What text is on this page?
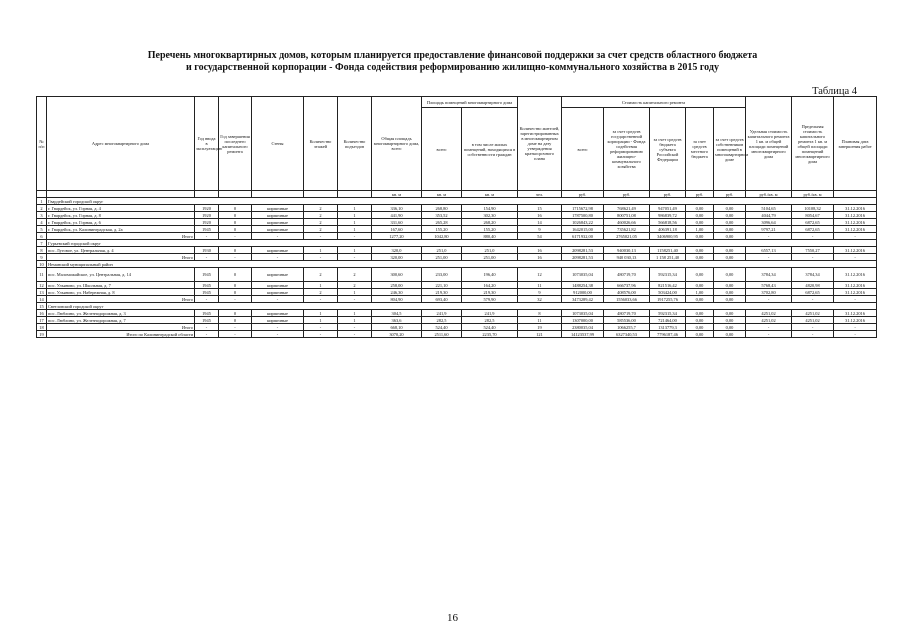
Перечень многоквартирных домов, которым планируется предоставление финансовой поддержки за счет средств областного бюджета
и государственной корпорации - Фонда содействия реформированию жилищно-коммунального хозяйства в 2015 году
Таблица 4
№ п/п	Адрес многоквартирного дома	Год ввода в эксплуатацию	Год завершения последнего капитального ремонта	Стены	Количество этажей	Количество подъездов	Общая площадь многоквартирного дома, всего	Площадь помещений многоквартирного дома		Количество жителей, зарегистрированных в многоквартирном доме на дату утверждения краткосрочного плана	Стоимость капитального ремонта					Удельная стоимость капитального ремонта 1 кв. м общей площади помещений многоквартирного дома	Предельная стоимость капитального ремонта 1 кв. м общей площади помещений многоквартирного дома	Плановая дата завершения работ
								всего	в том числе жилых помещений, находящихся в собственности граждан		всего	за счет средств государственной корпорации - Фонда содействия реформированию жилищно-коммунального хозяйства	за счет средств бюджета субъекта Российской Федерации	за счет средств местного бюджета	за счет средств собственников помещений в многоквартирном доме			
							кв. м	кв. м	кв. м	чел.	руб.	руб.	руб.	руб.	руб.	руб./кв. м	руб./кв. м	
1	Гвардейский городской округ																	
2	г. Гвардейск, ул. Горная, д. 4	1920	0	кирпичные	2	1	336,10	268,80	154,90	15	1715672,98	768621,49	947051,49	0,00	0,00	5104,65	10108,32	31.12.2016
3	г. Гвардейск, ул. Горная, д. 8	1920	0	кирпичные	2	1	441,90	353,52	302,30	16	1787500,80	800751,08	986839,72	0,00	0,00	4044,79	8054,67	31.12.2016
4	г. Гвардейск, ул. Горная, д. 6	1920	0	кирпичные	2	1	331,60	265,28	268,20	14	1026843,22	460026,66	566818,56	0,00	0,00	3096,64	6872,65	31.12.2016
5	г. Гвардейск, ул. Калининградская, д. 2а	1945	0	кирпичные	2	1	167,60	155,20	155,20	9	1642015,00	735621,82	406391,18	1,00	0,00	9797,21	6872,65	31.12.2016
6	Итого	-	-	-	-	-	1277,20	1042,80	880,40	54	6171932,00	2765021,05	3406900,95	0,00	0,00	-	-	-
7	Гурьевский городской округ																	
8	пос. Луговое, ул. Центральная, д. 4	1930	0	кирпичные	1	1	320,0	251,0	251,0	16	2098281,53	940030,13	1158251,40	0,00	0,00	6557,13	7550,27	31.12.2016
9	Итого	-	-	-	-	-	320,00	251,00	251,00	16	2098281,53	940 030,13	1 158 251,40	0,00	0,00	-	-	-
10	Неманский муниципальный район																	
11	пос. Маломожайское, ул. Центральная, д. 14	1945	0	кирпичные	2	2	300,60	233,00	196,40	12	1073035,04	480719,70	592315,34	0,00	0,00	3784,34	3784,34	31.12.2016
12	пос. Ульяново, ул. Школьная, д. 7	1945	0	кирпичные	1	2	258,00	221,10	164,20	11	1488254,38	666737,96	821516,42	0,00	0,00	5768,43	4820,98	31.12.2016
13	пос. Ульяново, ул. Набережная, д. 8	1945	0	кирпичные	2	1	246,30	219,30	219,30	9	912000,00	408576,00	503424,00	1,00	0,00	3702,80	6872,65	31.12.2016
14	Итого	-	-	-	-	-	804,90	693,40	579,90	32	3473289,42	1556033,66	1917255,76	0,00	0,00	-	-	-
15	Светловский городской округ																	
16	пос. Люблино, ул. Железнодорожная, д. 3	1945	0	кирпичные	1	1	304,5	241,9	241,9	8	1073035,04	480719,70	592315,34	0,00	0,00	4251,02	4251,02	31.12.2016
17	пос. Люблино, ул. Железнодорожная, д. 7	1945	0	кирпичные	1	1	363,6	282,5	282,5	11	1307000,00	585536,00	721464,00	0,00	0,00	4251,02	4251,02	31.12.2016
18	Итого	-	-	-	-	-	668,10	524,40	524,40	19	2380035,04	1066255,7	1313779,3	0,00	0,00	-	-	-
19	Итого по Калининградской области	-	-	-	-	-	3070,20	2511,60	2235,70	121	14123537,99	6327340,53	7796187,46	0,00	0,00	-	-	-
16
